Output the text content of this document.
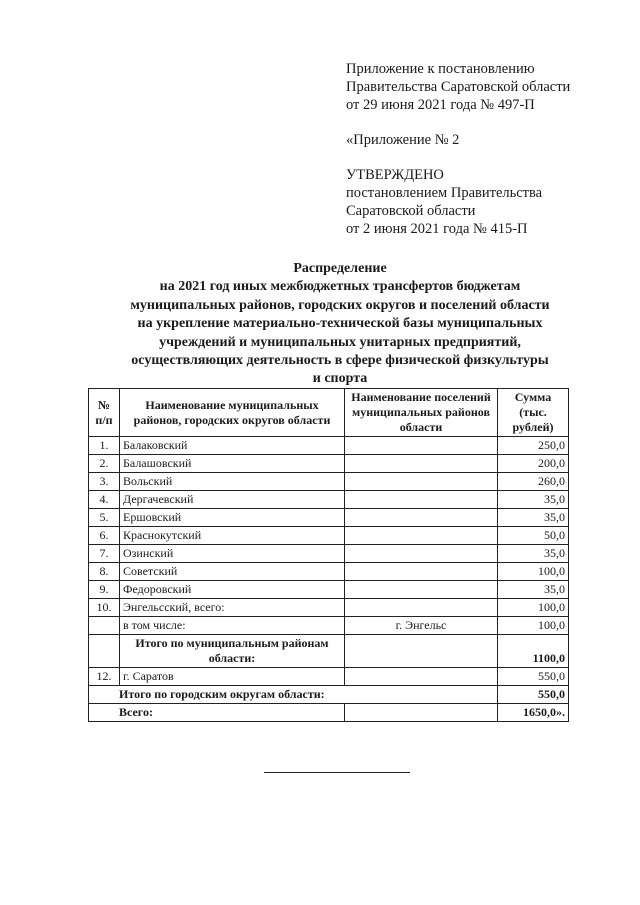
Приложение к постановлению
Правительства Саратовской области
от 29 июня 2021 года № 497-П
«Приложение № 2
УТВЕРЖДЕНО
постановлением Правительства
Саратовской области
от 2 июня 2021 года № 415-П
Распределение
на 2021 год иных межбюджетных трансфертов бюджетам
муниципальных районов, городских округов и поселений области
на укрепление материально-технической базы муниципальных
учреждений и муниципальных унитарных предприятий,
осуществляющих деятельность в сфере физической физкультуры
и спорта
№ п/п	Наименование муниципальных районов, городских округов области	Наименование поселений муниципальных районов области	Сумма (тыс. рублей)
1.	Балаковский		250,0
2.	Балашовский		200,0
3.	Вольский		260,0
4.	Дергачевский		35,0
5.	Ершовский		35,0
6.	Краснокутский		50,0
7.	Озинский		35,0
8.	Советский		100,0
9.	Федоровский		35,0
10.	Энгельсский, всего:		100,0
	в том числе:	г. Энгельс	100,0
	Итого по муниципальным районам области:		1100,0
12.	г. Саратов		550,0
Итого по городским округам области:			550,0
Всего:			1650,0».
